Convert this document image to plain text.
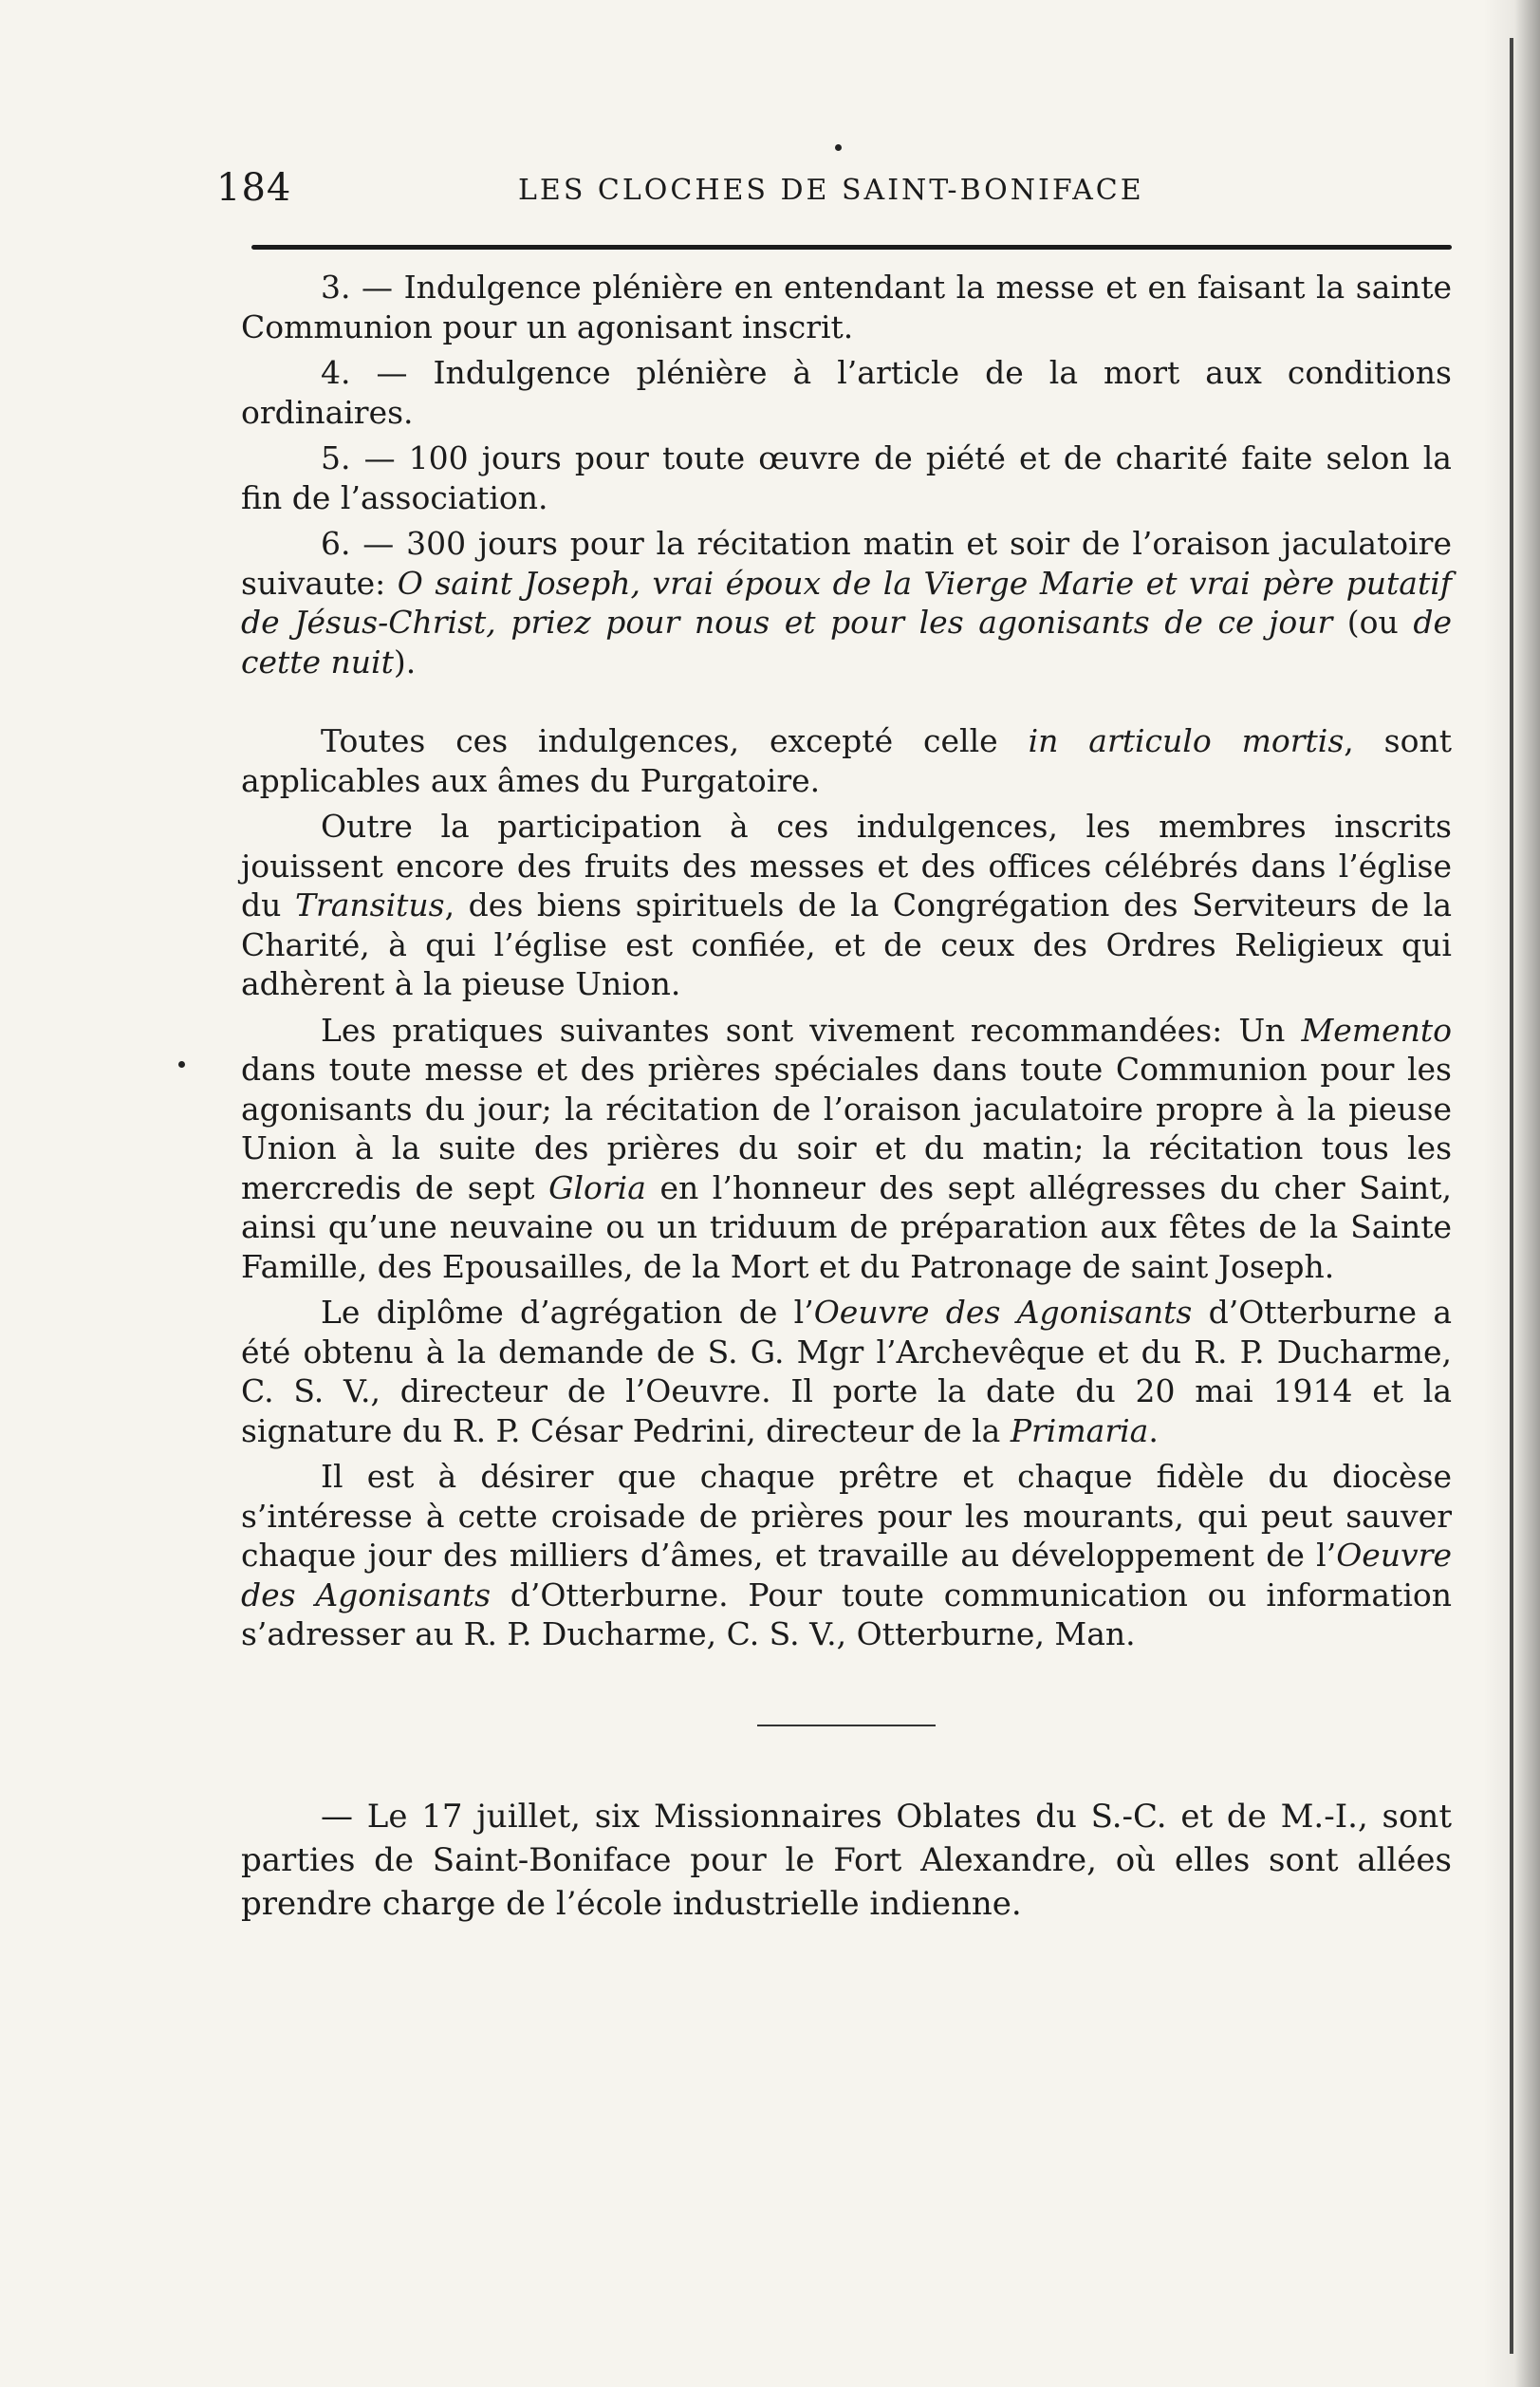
184	LES CLOCHES DE SAINT-BONIFACE

3. — Indulgence plénière en entendant la messe et en faisant la sainte Communion pour un agonisant inscrit.

4. — Indulgence plénière à l’article de la mort aux conditions ordinaires.

5. — 100 jours pour toute œuvre de piété et de charité faite selon la fin de l’association.

6. — 300 jours pour la récitation matin et soir de l’oraison jaculatoire suivaute: O saint Joseph, vrai époux de la Vierge Marie et vrai père putatif de Jésus-Christ, priez pour nous et pour les agonisants de ce jour (ou de cette nuit).

Toutes ces indulgences, excepté celle in articulo mortis, sont applicables aux âmes du Purgatoire.

Outre la participation à ces indulgences, les membres inscrits jouissent encore des fruits des messes et des offices célébrés dans l’église du Transitus, des biens spirituels de la Congrégation des Serviteurs de la Charité, à qui l’église est confiée, et de ceux des Ordres Religieux qui adhèrent à la pieuse Union.

Les pratiques suivantes sont vivement recommandées: Un Memento dans toute messe et des prières spéciales dans toute Communion pour les agonisants du jour; la récitation de l’oraison jaculatoire propre à la pieuse Union à la suite des prières du soir et du matin; la récitation tous les mercredis de sept Gloria en l’honneur des sept allégresses du cher Saint, ainsi qu’une neuvaine ou un triduum de préparation aux fêtes de la Sainte Famille, des Epousailles, de la Mort et du Patronage de saint Joseph.

Le diplôme d’agrégation de l’Oeuvre des Agonisants d’Otterburne a été obtenu à la demande de S. G. Mgr l’Archevêque et du R. P. Ducharme, C. S. V., directeur de l’Oeuvre. Il porte la date du 20 mai 1914 et la signature du R. P. César Pedrini, directeur de la Primaria.

Il est à désirer que chaque prêtre et chaque fidèle du diocèse s’intéresse à cette croisade de prières pour les mourants, qui peut sauver chaque jour des milliers d’âmes, et travaille au développement de l’Oeuvre des Agonisants d’Otterburne. Pour toute communication ou information s’adresser au R. P. Ducharme, C. S. V., Otterburne, Man.

— Le 17 juillet, six Missionnaires Oblates du S.-C. et de M.-I., sont parties de Saint-Boniface pour le Fort Alexandre, où elles sont allées prendre charge de l’école industrielle indienne.
